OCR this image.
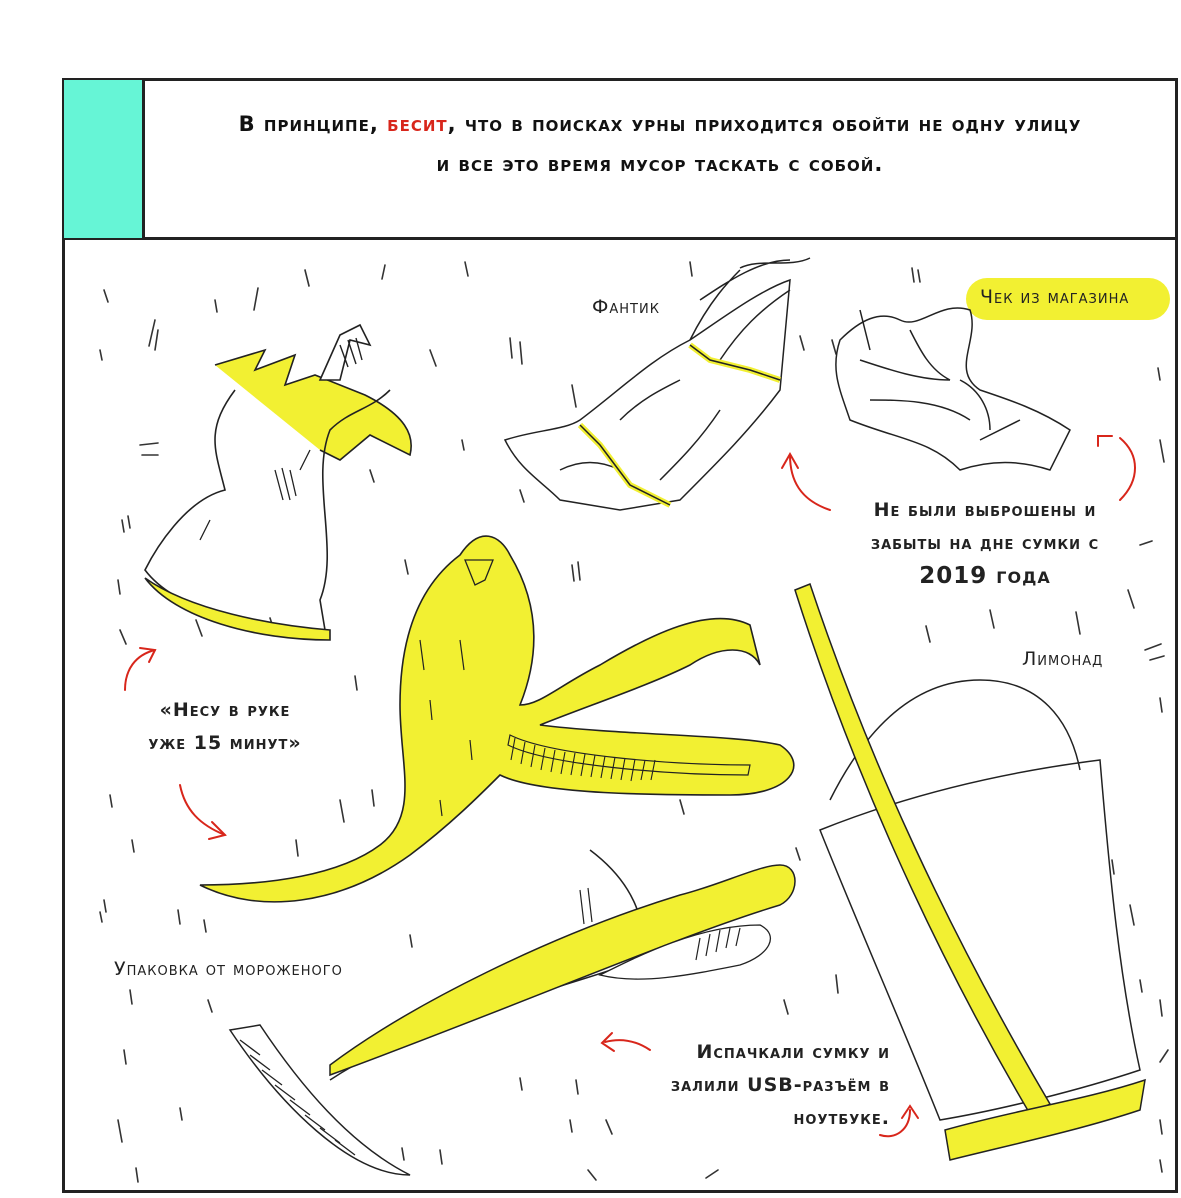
В принципе, бесит, что в поисках урны приходится обойти не одну улицу
и все это время мусор таскать с собой.
Фантик	Чек из магазина
Лимонад
Упаковка от мороженого
«Несу в руке
уже 15 минут»
Не были выброшены и
забыты на дне сумки с
2019 года
Испачкали сумку и
залили USB-разъём в
ноутбуке.
